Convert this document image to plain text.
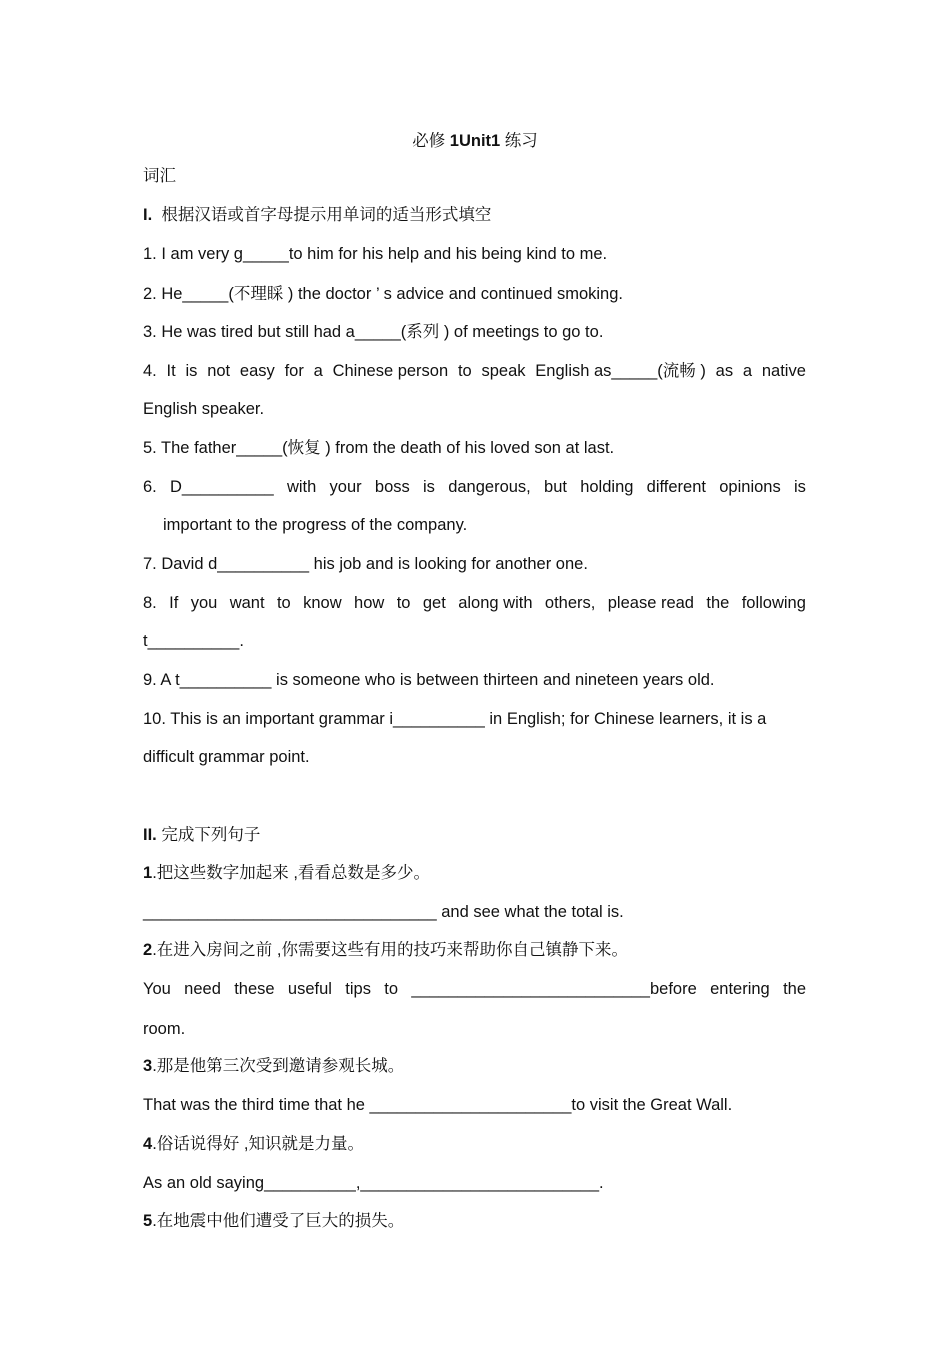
必修 1Unit1 练习
词汇
I. 根据汉语或首字母提示用单词的适当形式填空
1. I am very g_____to him for his help and his being kind to me.
2. He_____(不理睬 ) the doctor ’ s advice and continued smoking.
3. He was tired but still had a_____(系列 ) of meetings to go to.
4. It is not easy for a Chinese person to speak English as_____(流畅 ) as a native
English speaker.
5. The father_____(恢复 ) from the death of his loved son at last.
6. D__________ with your boss is dangerous, but holding different opinions is
important to the progress of the company.
7. David d__________ his job and is looking for another one.
8. If you want to know how to get along with others, please read the following
t__________.
9. A t__________ is someone who is between thirteen and nineteen years old.
10. This is an important grammar i__________ in English; for Chinese learners, it is a
difficult grammar point.
II. 完成下列句子
1.把这些数字加起来 ,看看总数是多少。
________________________________ and see what the total is.
2.在进入房间之前 ,你需要这些有用的技巧来帮助你自己镇静下来。
You need these useful tips to __________________________before entering the
room.
3.那是他第三次受到邀请参观长城。
That was the third time that he ______________________to visit the Great Wall.
4.俗话说得好 ,知识就是力量。
As an old saying__________,__________________________.
5.在地震中他们遭受了巨大的损失。
